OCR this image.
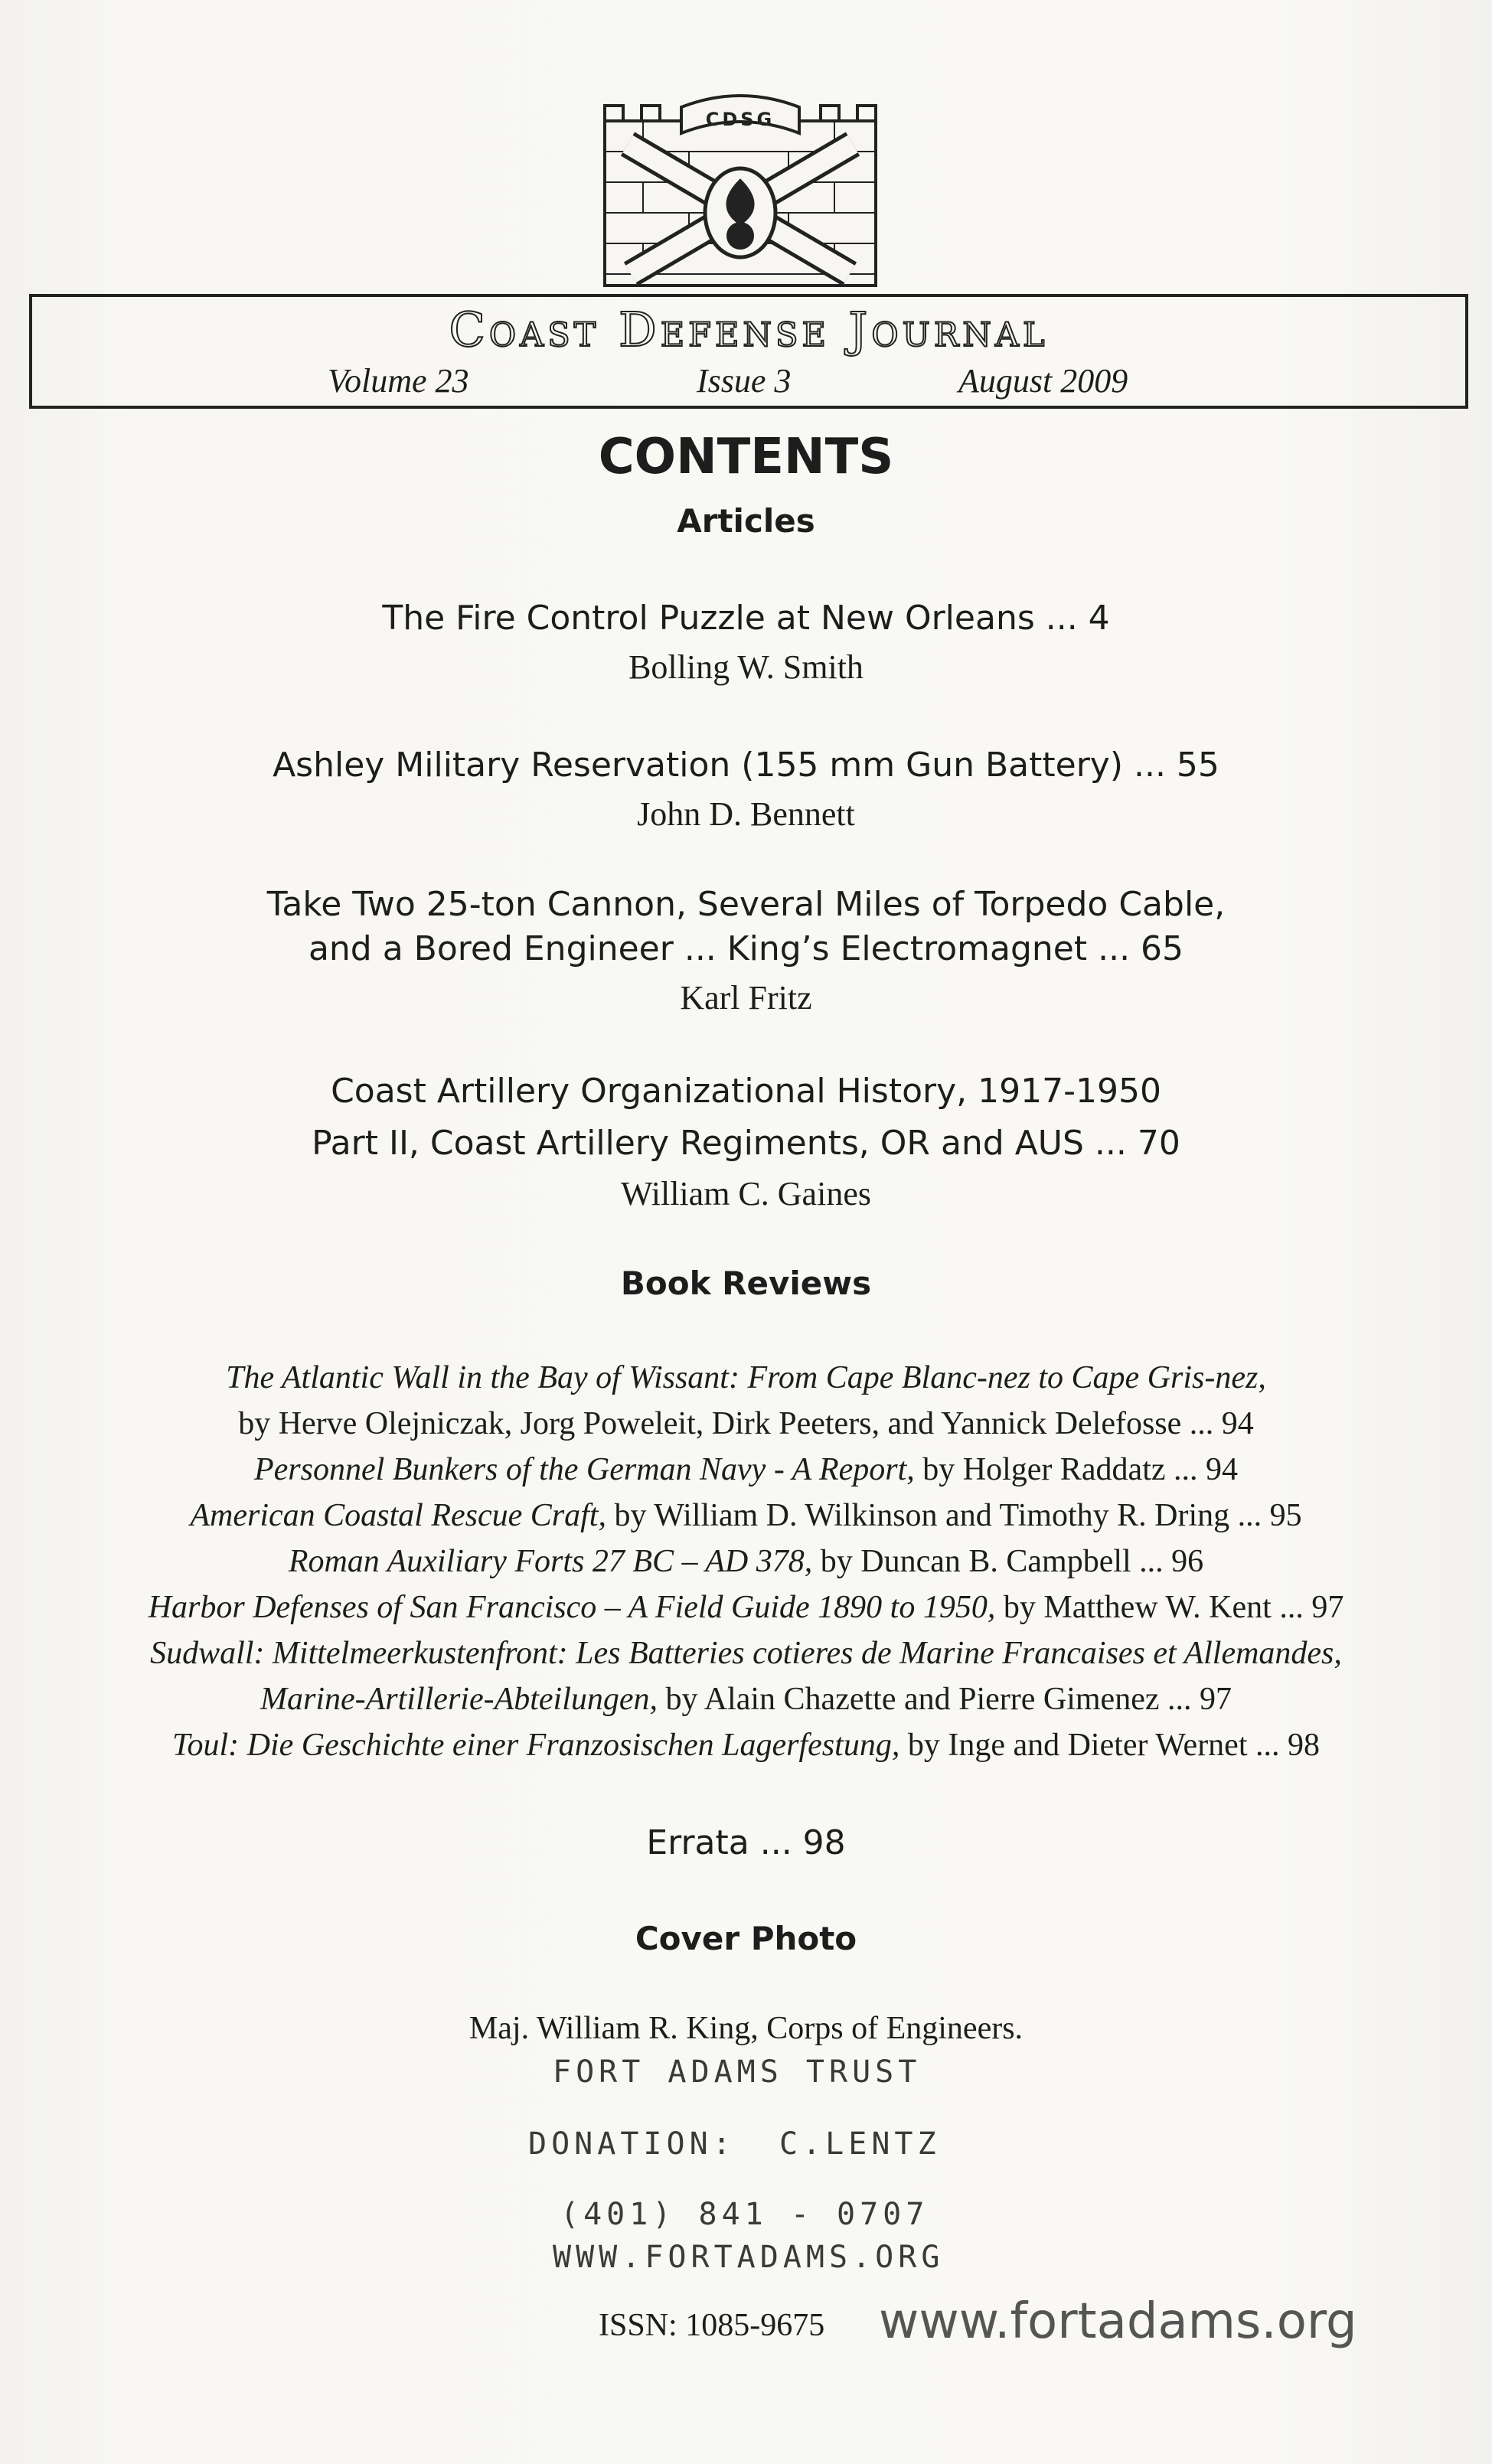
CDSG
Coast Defense Journal
Volume 23	Issue 3	August 2009
CONTENTS
Articles
The Fire Control Puzzle at New Orleans ... 4
Bolling W. Smith
Ashley Military Reservation (155 mm Gun Battery) ... 55
John D. Bennett
Take Two 25-ton Cannon, Several Miles of Torpedo Cable,
and a Bored Engineer ... King’s Electromagnet ... 65
Karl Fritz
Coast Artillery Organizational History, 1917-1950
Part II, Coast Artillery Regiments, OR and AUS ... 70
William C. Gaines
Book Reviews
The Atlantic Wall in the Bay of Wissant: From Cape Blanc-nez to Cape Gris-nez,
by Herve Olejniczak, Jorg Poweleit, Dirk Peeters, and Yannick Delefosse ... 94
Personnel Bunkers of the German Navy - A Report, by Holger Raddatz ... 94
American Coastal Rescue Craft, by William D. Wilkinson and Timothy R. Dring ... 95
Roman Auxiliary Forts 27 BC – AD 378, by Duncan B. Campbell ... 96
Harbor Defenses of San Francisco – A Field Guide 1890 to 1950, by Matthew W. Kent ... 97
Sudwall: Mittelmeerkustenfront: Les Batteries cotieres de Marine Francaises et Allemandes,
Marine-Artillerie-Abteilungen, by Alain Chazette and Pierre Gimenez ... 97
Toul: Die Geschichte einer Franzosischen Lagerfestung, by Inge and Dieter Wernet ... 98
Errata ... 98
Cover Photo
Maj. William R. King, Corps of Engineers.
FORT ADAMS TRUST
DONATION: C.LENTZ
(401) 841 - 0707
WWW.FORTADAMS.ORG
ISSN: 1085-9675 www.fortadams.org
